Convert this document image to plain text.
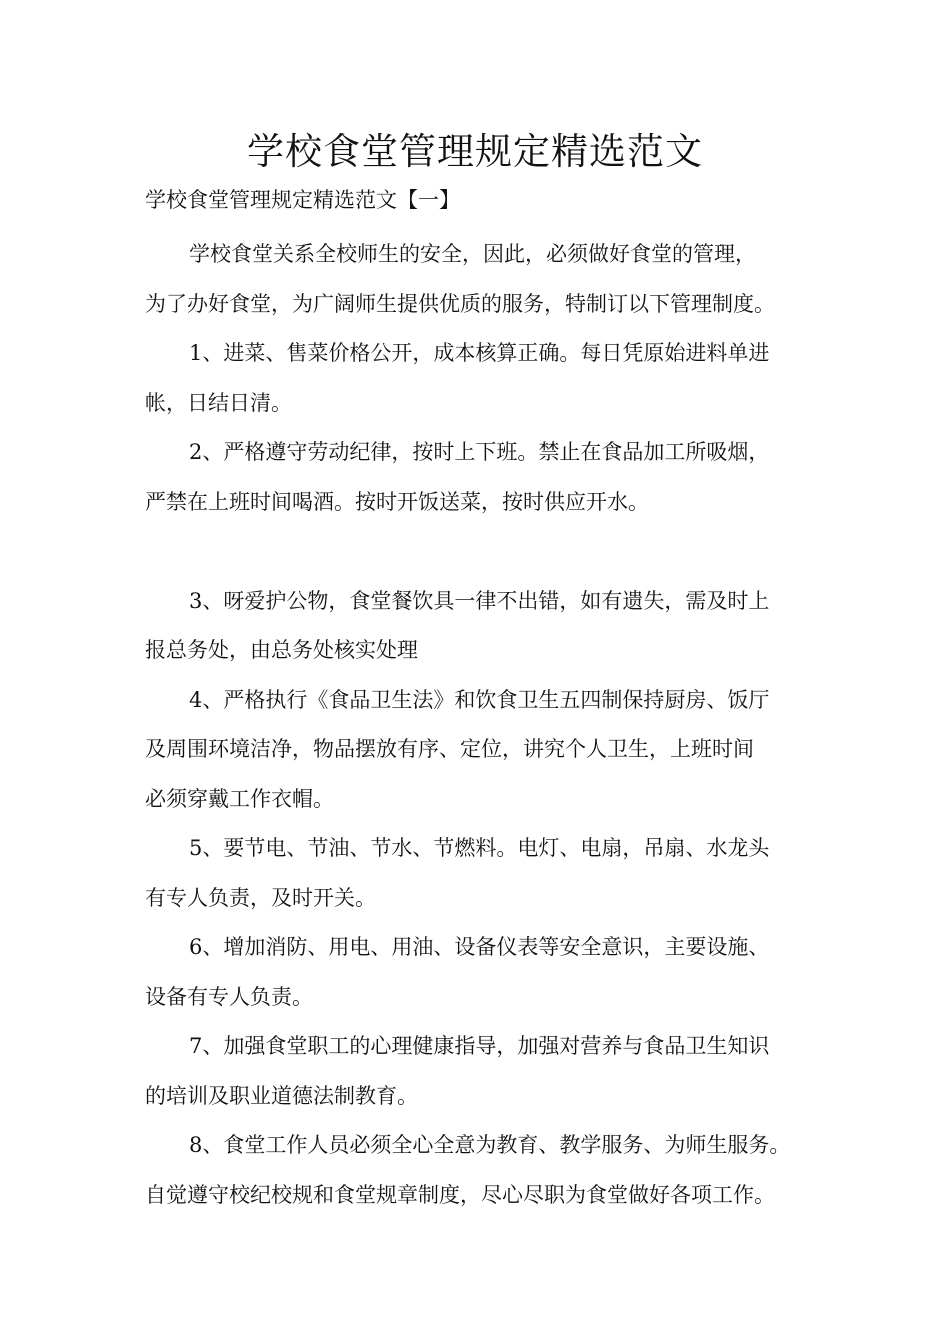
学校食堂管理规定精选范文
学校食堂管理规定精选范文【一】

学校食堂关系全校师生的安全，因此，必须做好食堂的管理，
为了办好食堂，为广阔师生提供优质的服务，特制订以下管理制度。

1、进菜、售菜价格公开，成本核算正确。每日凭原始进料单进
帐，日结日清。

2、严格遵守劳动纪律，按时上下班。禁止在食品加工所吸烟，
严禁在上班时间喝酒。按时开饭送菜，按时供应开水。

3、呀爱护公物，食堂餐饮具一律不出错，如有遗失，需及时上
报总务处，由总务处核实处理

4、严格执行《食品卫生法》和饮食卫生五四制保持厨房、饭厅
及周围环境洁净，物品摆放有序、定位，讲究个人卫生，上班时间
必须穿戴工作衣帽。

5、要节电、节油、节水、节燃料。电灯、电扇，吊扇、水龙头
有专人负责，及时开关。

6、增加消防、用电、用油、设备仪表等安全意识，主要设施、
设备有专人负责。

7、加强食堂职工的心理健康指导，加强对营养与食品卫生知识
的培训及职业道德法制教育。

8、食堂工作人员必须全心全意为教育、教学服务、为师生服务。
自觉遵守校纪校规和食堂规章制度，尽心尽职为食堂做好各项工作。
